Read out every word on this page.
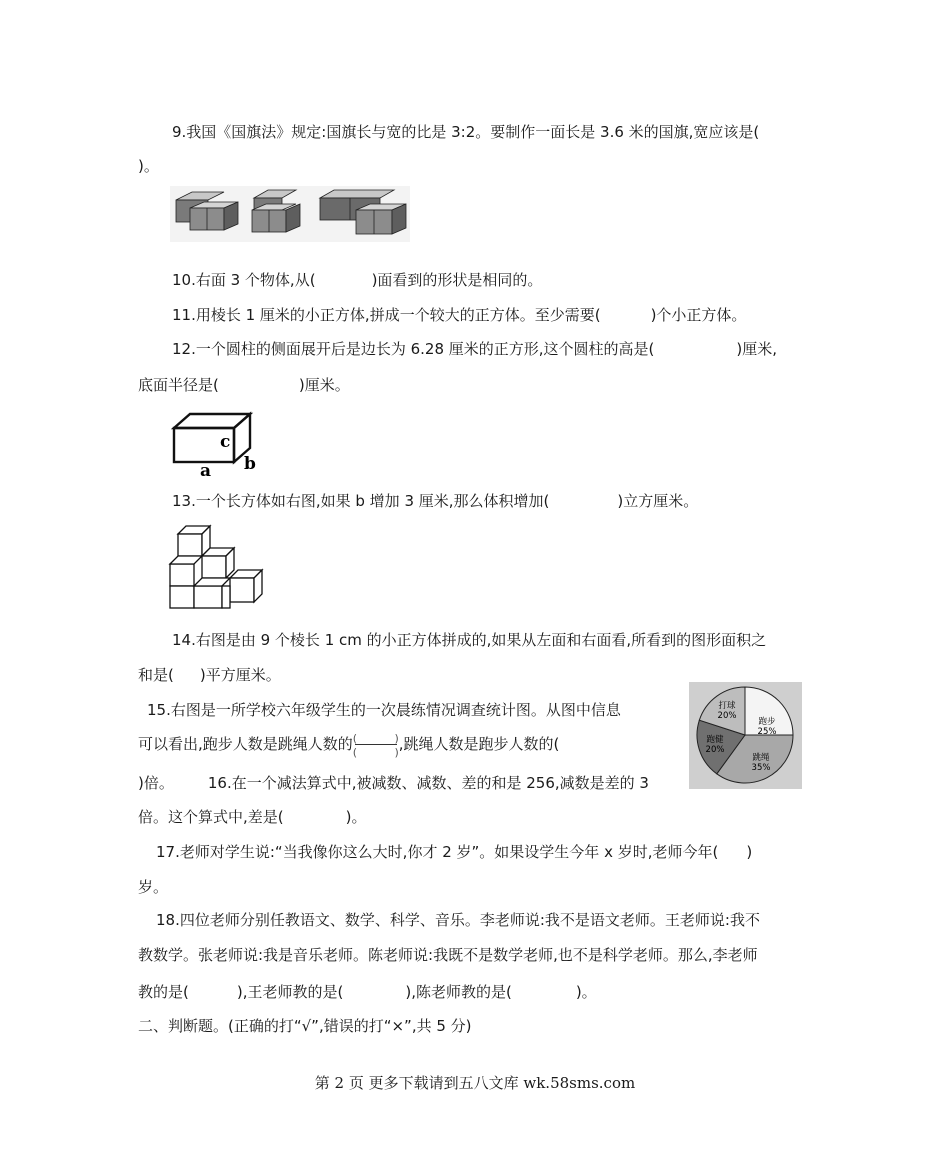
9.我国《国旗法》规定:国旗长与宽的比是 3:2。要制作一面长是 3.6 米的国旗,宽应该是(
)。
10.右面 3 个物体,从(	)面看到的形状是相同的。
11.用棱长 1 厘米的小正方体,拼成一个较大的正方体。至少需要(	)个小正方体。
12.一个圆柱的侧面展开后是边长为 6.28 厘米的正方形,这个圆柱的高是(	)厘米,
底面半径是(	)厘米。
c
a b
13.一个长方体如右图,如果 b 增加 3 厘米,那么体积增加(	)立方厘米。
14.右图是由 9 个棱长 1 cm 的小正方体拼成的,如果从左面和右面看,所看到的图形面积之
和是( )平方厘米。
15.右图是一所学校六年级学生的一次晨练情况调查统计图。从图中信息
可以看出,跑步人数是跳绳人数的 (	)
(	) ,跳绳人数是跑步人数的(
)倍。 16.在一个减法算式中,被减数、减数、差的和是 256,减数是差的 3
倍。这个算式中,差是(	)。
跑步
25%
跳绳
35%
跑健
20%
打球
20%
17.老师对学生说:“当我像你这么大时,你才 2 岁”。如果设学生今年 x 岁时,老师今年( )
岁。
18.四位老师分别任教语文、数学、科学、音乐。李老师说:我不是语文老师。王老师说:我不
教数学。张老师说:我是音乐老师。陈老师说:我既不是数学老师,也不是科学老师。那么,李老师
教的是(	),王老师教的是(	),陈老师教的是(	)。
二、判断题。(正确的打“√”,错误的打“×”,共 5 分)
第 2 页 更多下载请到五八文库 wk.58sms.com
